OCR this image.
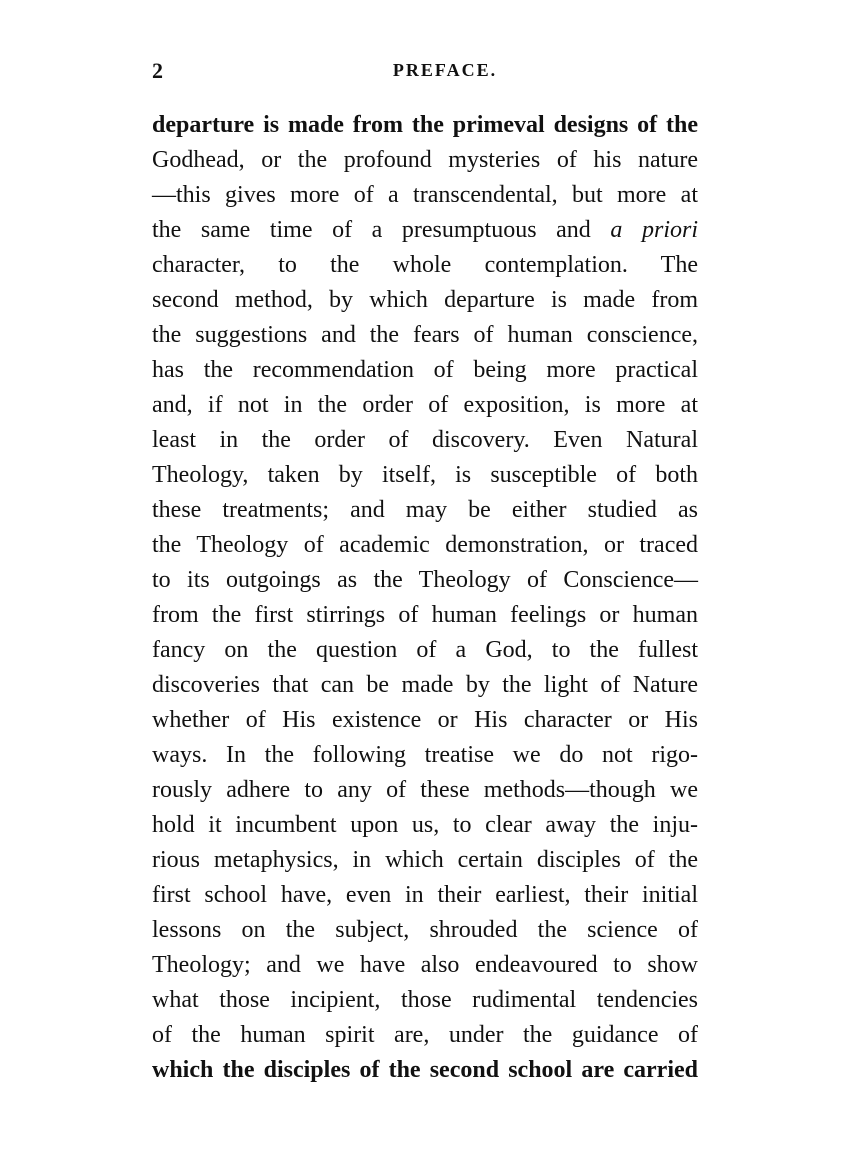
2	PREFACE.
departure is made from the primeval designs of the
Godhead, or the profound mysteries of his nature
—this gives more of a transcendental, but more at
the same time of a presumptuous and a priori
character, to the whole contemplation. The
second method, by which departure is made from
the suggestions and the fears of human conscience,
has the recommendation of being more practical
and, if not in the order of exposition, is more at
least in the order of discovery. Even Natural
Theology, taken by itself, is susceptible of both
these treatments; and may be either studied as
the Theology of academic demonstration, or traced
to its outgoings as the Theology of Conscience—
from the first stirrings of human feelings or human
fancy on the question of a God, to the fullest
discoveries that can be made by the light of Nature
whether of His existence or His character or His
ways. In the following treatise we do not rigo-
rously adhere to any of these methods—though we
hold it incumbent upon us, to clear away the inju-
rious metaphysics, in which certain disciples of the
first school have, even in their earliest, their initial
lessons on the subject, shrouded the science of
Theology; and we have also endeavoured to show
what those incipient, those rudimental tendencies
of the human spirit are, under the guidance of
which the disciples of the second school are carried
